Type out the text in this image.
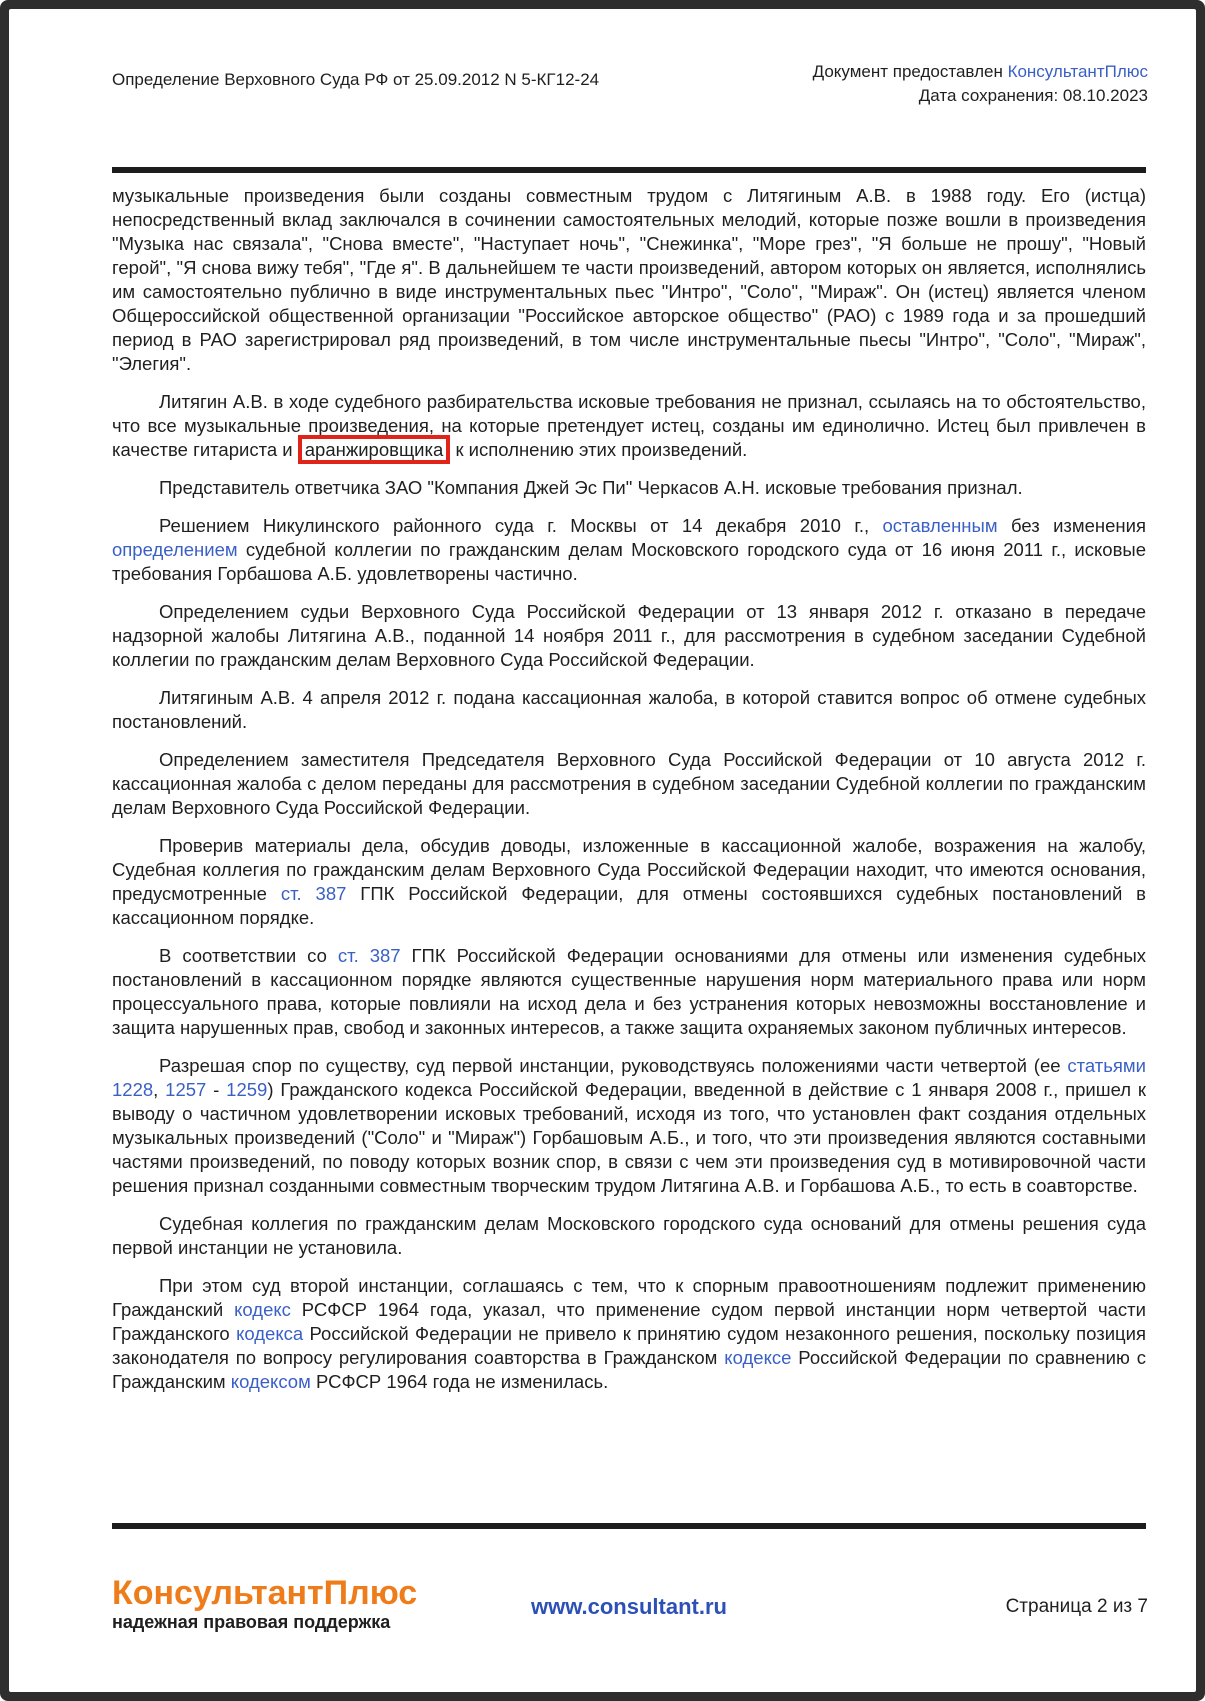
Определение Верховного Суда РФ от 25.09.2012 N 5-КГ12-24	Документ предоставлен КонсультантПлюс
Дата сохранения: 08.10.2023

музыкальные произведения были созданы совместным трудом с Литягиным А.В. в 1988 году. Его (истца) непосредственный вклад заключался в сочинении самостоятельных мелодий, которые позже вошли в произведения "Музыка нас связала", "Снова вместе", "Наступает ночь", "Снежинка", "Море грез", "Я больше не прошу", "Новый герой", "Я снова вижу тебя", "Где я". В дальнейшем те части произведений, автором которых он является, исполнялись им самостоятельно публично в виде инструментальных пьес "Интро", "Соло", "Мираж". Он (истец) является членом Общероссийской общественной организации "Российское авторское общество" (РАО) с 1989 года и за прошедший период в РАО зарегистрировал ряд произведений, в том числе инструментальные пьесы "Интро", "Соло", "Мираж", "Элегия".

Литягин А.В. в ходе судебного разбирательства исковые требования не признал, ссылаясь на то обстоятельство, что все музыкальные произведения, на которые претендует истец, созданы им единолично. Истец был привлечен в качестве гитариста и аранжировщика к исполнению этих произведений.

Представитель ответчика ЗАО "Компания Джей Эс Пи" Черкасов А.Н. исковые требования признал.

Решением Никулинского районного суда г. Москвы от 14 декабря 2010 г., оставленным без изменения определением судебной коллегии по гражданским делам Московского городского суда от 16 июня 2011 г., исковые требования Горбашова А.Б. удовлетворены частично.

Определением судьи Верховного Суда Российской Федерации от 13 января 2012 г. отказано в передаче надзорной жалобы Литягина А.В., поданной 14 ноября 2011 г., для рассмотрения в судебном заседании Судебной коллегии по гражданским делам Верховного Суда Российской Федерации.

Литягиным А.В. 4 апреля 2012 г. подана кассационная жалоба, в которой ставится вопрос об отмене судебных постановлений.

Определением заместителя Председателя Верховного Суда Российской Федерации от 10 августа 2012 г. кассационная жалоба с делом переданы для рассмотрения в судебном заседании Судебной коллегии по гражданским делам Верховного Суда Российской Федерации.

Проверив материалы дела, обсудив доводы, изложенные в кассационной жалобе, возражения на жалобу, Судебная коллегия по гражданским делам Верховного Суда Российской Федерации находит, что имеются основания, предусмотренные ст. 387 ГПК Российской Федерации, для отмены состоявшихся судебных постановлений в кассационном порядке.

В соответствии со ст. 387 ГПК Российской Федерации основаниями для отмены или изменения судебных постановлений в кассационном порядке являются существенные нарушения норм материального права или норм процессуального права, которые повлияли на исход дела и без устранения которых невозможны восстановление и защита нарушенных прав, свобод и законных интересов, а также защита охраняемых законом публичных интересов.

Разрешая спор по существу, суд первой инстанции, руководствуясь положениями части четвертой (ее статьями 1228, 1257 - 1259) Гражданского кодекса Российской Федерации, введенной в действие с 1 января 2008 г., пришел к выводу о частичном удовлетворении исковых требований, исходя из того, что установлен факт создания отдельных музыкальных произведений ("Соло" и "Мираж") Горбашовым А.Б., и того, что эти произведения являются составными частями произведений, по поводу которых возник спор, в связи с чем эти произведения суд в мотивировочной части решения признал созданными совместным творческим трудом Литягина А.В. и Горбашова А.Б., то есть в соавторстве.

Судебная коллегия по гражданским делам Московского городского суда оснований для отмены решения суда первой инстанции не установила.

При этом суд второй инстанции, соглашаясь с тем, что к спорным правоотношениям подлежит применению Гражданский кодекс РСФСР 1964 года, указал, что применение судом первой инстанции норм четвертой части Гражданского кодекса Российской Федерации не привело к принятию судом незаконного решения, поскольку позиция законодателя по вопросу регулирования соавторства в Гражданском кодексе Российской Федерации по сравнению с Гражданским кодексом РСФСР 1964 года не изменилась.

КонсультантПлюс
надежная правовая поддержка
www.consultant.ru	Страница 2 из 7
